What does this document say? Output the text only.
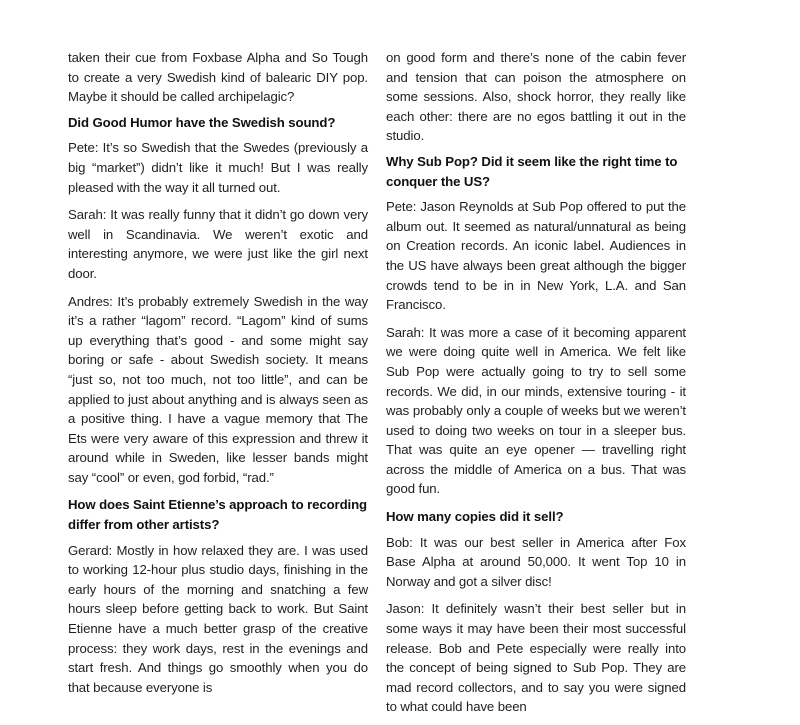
taken their cue from Foxbase Alpha and So Tough to create a very Swedish kind of balearic DIY pop. Maybe it should be called archipelagic?

Did Good Humor have the Swedish sound?

Pete: It’s so Swedish that the Swedes (previously a big “market”) didn’t like it much! But I was really pleased with the way it all turned out.

Sarah: It was really funny that it didn’t go down very well in Scandinavia. We weren’t exotic and interesting anymore, we were just like the girl next door.

Andres: It’s probably extremely Swedish in the way it’s a rather “lagom” record. “Lagom” kind of sums up everything that’s good - and some might say boring or safe - about Swedish society. It means “just so, not too much, not too little”, and can be applied to just about anything and is always seen as a positive thing. I have a vague memory that The Ets were very aware of this expression and threw it around while in Sweden, like lesser bands might say “cool” or even, god forbid, “rad.”

How does Saint Etienne’s approach to recording differ from other artists?

Gerard: Mostly in how relaxed they are. I was used to working 12-hour plus studio days, finishing in the early hours of the morning and snatching a few hours sleep before getting back to work. But Saint Etienne have a much better grasp of the creative process: they work days, rest in the evenings and start fresh. And things go smoothly when you do that because everyone is

on good form and there’s none of the cabin fever and tension that can poison the atmosphere on some sessions. Also, shock horror, they really like each other: there are no egos battling it out in the studio.

Why Sub Pop? Did it seem like the right time to conquer the US?

Pete: Jason Reynolds at Sub Pop offered to put the album out. It seemed as natural/unnatural as being on Creation records. An iconic label. Audiences in the US have always been great although the bigger crowds tend to be in in New York, L.A. and San Francisco.

Sarah: It was more a case of it becoming apparent we were doing quite well in America. We felt like Sub Pop were actually going to try to sell some records. We did, in our minds, extensive touring - it was probably only a couple of weeks but we weren’t used to doing two weeks on tour in a sleeper bus. That was quite an eye opener — travelling right across the middle of America on a bus. That was good fun.

How many copies did it sell?

Bob: It was our best seller in America after Fox Base Alpha at around 50,000. It went Top 10 in Norway and got a silver disc!

Jason: It definitely wasn’t their best seller but in some ways it may have been their most successful release. Bob and Pete especially were really into the concept of being signed to Sub Pop. They are mad record collectors, and to say you were signed to what could have been
